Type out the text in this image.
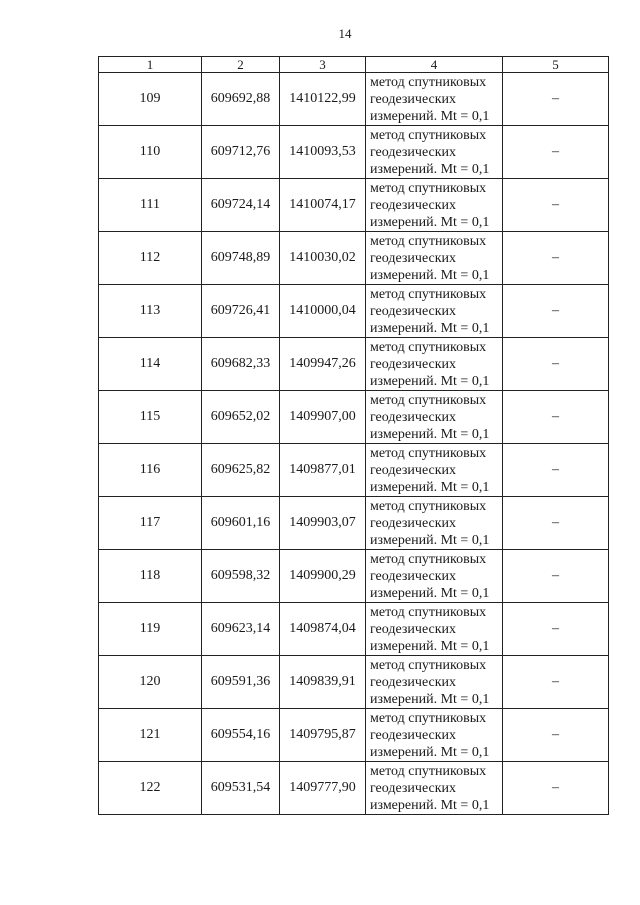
14
1	2	3	4	5
109	609692,88	1410122,99	метод спутниковых
геодезических
измерений. Mt = 0,1	–
110	609712,76	1410093,53	метод спутниковых
геодезических
измерений. Mt = 0,1	–
111	609724,14	1410074,17	метод спутниковых
геодезических
измерений. Mt = 0,1	–
112	609748,89	1410030,02	метод спутниковых
геодезических
измерений. Mt = 0,1	–
113	609726,41	1410000,04	метод спутниковых
геодезических
измерений. Mt = 0,1	–
114	609682,33	1409947,26	метод спутниковых
геодезических
измерений. Mt = 0,1	–
115	609652,02	1409907,00	метод спутниковых
геодезических
измерений. Mt = 0,1	–
116	609625,82	1409877,01	метод спутниковых
геодезических
измерений. Mt = 0,1	–
117	609601,16	1409903,07	метод спутниковых
геодезических
измерений. Mt = 0,1	–
118	609598,32	1409900,29	метод спутниковых
геодезических
измерений. Mt = 0,1	–
119	609623,14	1409874,04	метод спутниковых
геодезических
измерений. Mt = 0,1	–
120	609591,36	1409839,91	метод спутниковых
геодезических
измерений. Mt = 0,1	–
121	609554,16	1409795,87	метод спутниковых
геодезических
измерений. Mt = 0,1	–
122	609531,54	1409777,90	метод спутниковых
геодезических
измерений. Mt = 0,1	–
